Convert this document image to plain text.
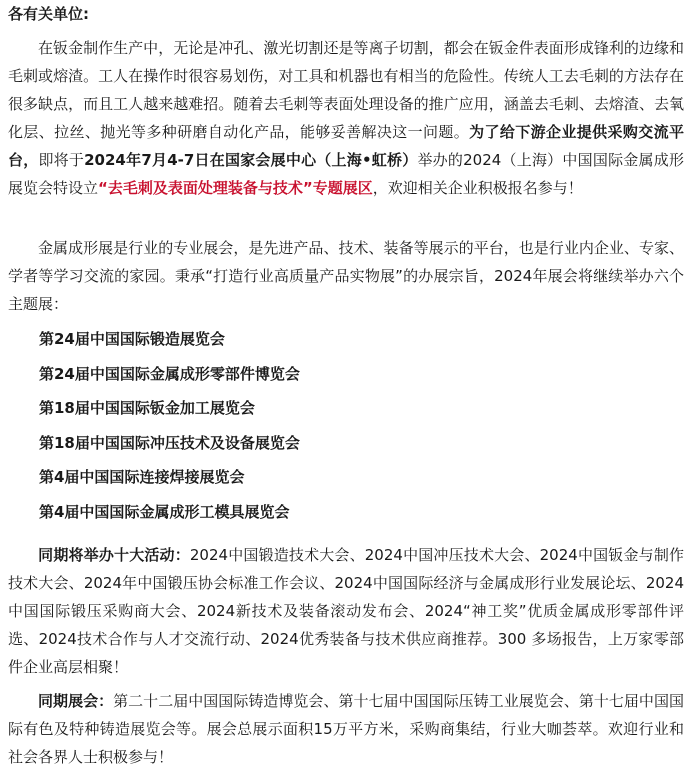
各有关单位:

在钣金制作生产中，无论是冲孔、激光切割还是等离子切割，都会在钣金件表面形成锋利的边缘和毛刺或熔渣。工人在操作时很容易划伤，对工具和机器也有相当的危险性。传统人工去毛刺的方法存在很多缺点，而且工人越来越难招。随着去毛刺等表面处理设备的推广应用，涵盖去毛刺、去熔渣、去氧化层、拉丝、抛光等多种研磨自动化产品，能够妥善解决这一问题。为了给下游企业提供采购交流平台，即将于2024年7月4-7日在国家会展中心（上海•虹桥）举办的2024（上海）中国国际金属成形展览会特设立“去毛刺及表面处理装备与技术”专题展区，欢迎相关企业积极报名参与！

金属成形展是行业的专业展会，是先进产品、技术、装备等展示的平台，也是行业内企业、专家、学者等学习交流的家园。秉承“打造行业高质量产品实物展”的办展宗旨，2024年展会将继续举办六个主题展：

第24届中国国际锻造展览会
第24届中国国际金属成形零部件博览会
第18届中国国际钣金加工展览会
第18届中国国际冲压技术及设备展览会
第4届中国国际连接焊接展览会
第4届中国国际金属成形工模具展览会

同期将举办十大活动：2024中国锻造技术大会、2024中国冲压技术大会、2024中国钣金与制作技术大会、2024年中国锻压协会标准工作会议、2024中国国际经济与金属成形行业发展论坛、2024中国国际锻压采购商大会、2024新技术及装备滚动发布会、2024“神工奖”优质金属成形零部件评选、2024技术合作与人才交流行动、2024优秀装备与技术供应商推荐。300 多场报告，上万家零部件企业高层相聚！

同期展会：第二十二届中国国际铸造博览会、第十七届中国国际压铸工业展览会、第十七届中国国际有色及特种铸造展览会等。展会总展示面积15万平方米，采购商集结，行业大咖荟萃。欢迎行业和社会各界人士积极参与！
